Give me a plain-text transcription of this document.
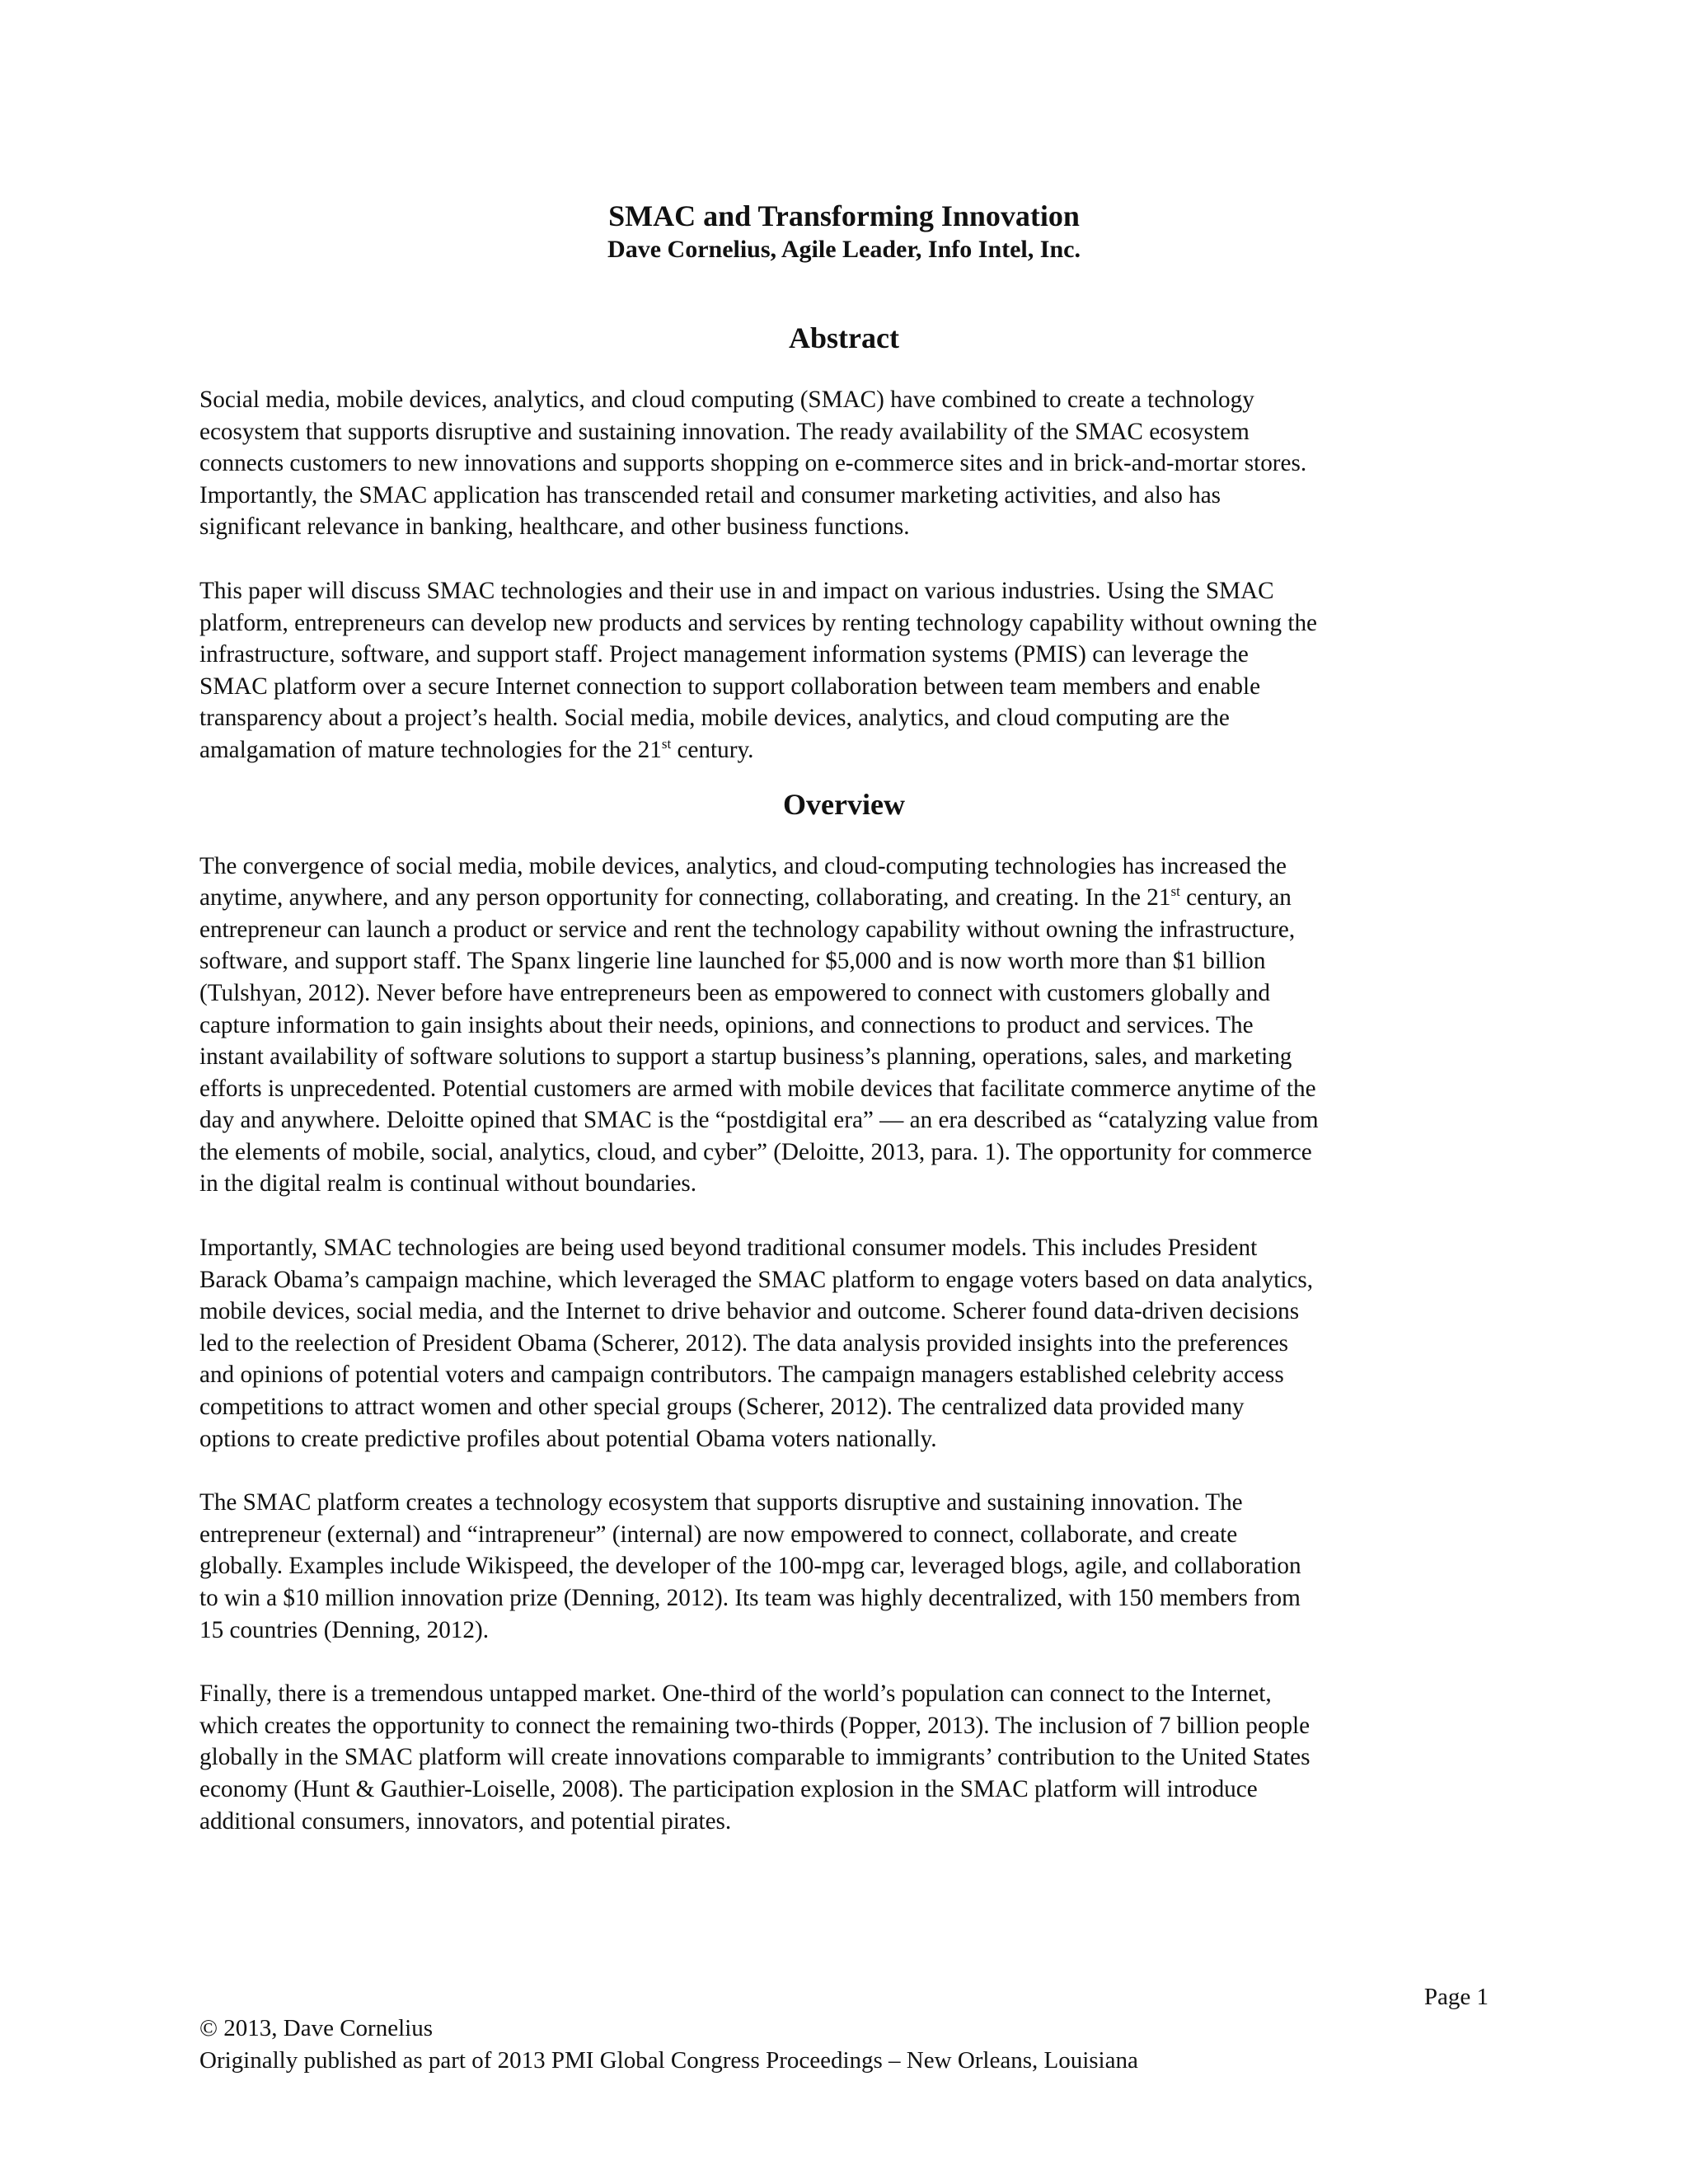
SMAC and Transforming Innovation
Dave Cornelius, Agile Leader, Info Intel, Inc.
Abstract
Social media, mobile devices, analytics, and cloud computing (SMAC) have combined to create a technology
ecosystem that supports disruptive and sustaining innovation. The ready availability of the SMAC ecosystem
connects customers to new innovations and supports shopping on e-commerce sites and in brick-and-mortar stores.
Importantly, the SMAC application has transcended retail and consumer marketing activities, and also has
significant relevance in banking, healthcare, and other business functions.
This paper will discuss SMAC technologies and their use in and impact on various industries. Using the SMAC
platform, entrepreneurs can develop new products and services by renting technology capability without owning the
infrastructure, software, and support staff. Project management information systems (PMIS) can leverage the
SMAC platform over a secure Internet connection to support collaboration between team members and enable
transparency about a project’s health. Social media, mobile devices, analytics, and cloud computing are the
amalgamation of mature technologies for the 21st century.
Overview
The convergence of social media, mobile devices, analytics, and cloud-computing technologies has increased the
anytime, anywhere, and any person opportunity for connecting, collaborating, and creating. In the 21st century, an
entrepreneur can launch a product or service and rent the technology capability without owning the infrastructure,
software, and support staff. The Spanx lingerie line launched for $5,000 and is now worth more than $1 billion
(Tulshyan, 2012). Never before have entrepreneurs been as empowered to connect with customers globally and
capture information to gain insights about their needs, opinions, and connections to product and services. The
instant availability of software solutions to support a startup business’s planning, operations, sales, and marketing
efforts is unprecedented. Potential customers are armed with mobile devices that facilitate commerce anytime of the
day and anywhere. Deloitte opined that SMAC is the “postdigital era” — an era described as “catalyzing value from
the elements of mobile, social, analytics, cloud, and cyber” (Deloitte, 2013, para. 1). The opportunity for commerce
in the digital realm is continual without boundaries.
Importantly, SMAC technologies are being used beyond traditional consumer models. This includes President
Barack Obama’s campaign machine, which leveraged the SMAC platform to engage voters based on data analytics,
mobile devices, social media, and the Internet to drive behavior and outcome. Scherer found data-driven decisions
led to the reelection of President Obama (Scherer, 2012). The data analysis provided insights into the preferences
and opinions of potential voters and campaign contributors. The campaign managers established celebrity access
competitions to attract women and other special groups (Scherer, 2012). The centralized data provided many
options to create predictive profiles about potential Obama voters nationally.
The SMAC platform creates a technology ecosystem that supports disruptive and sustaining innovation. The
entrepreneur (external) and “intrapreneur” (internal) are now empowered to connect, collaborate, and create
globally. Examples include Wikispeed, the developer of the 100-mpg car, leveraged blogs, agile, and collaboration
to win a $10 million innovation prize (Denning, 2012). Its team was highly decentralized, with 150 members from
15 countries (Denning, 2012).
Finally, there is a tremendous untapped market. One-third of the world’s population can connect to the Internet,
which creates the opportunity to connect the remaining two-thirds (Popper, 2013). The inclusion of 7 billion people
globally in the SMAC platform will create innovations comparable to immigrants’ contribution to the United States
economy (Hunt & Gauthier-Loiselle, 2008). The participation explosion in the SMAC platform will introduce
additional consumers, innovators, and potential pirates.
Page 1
© 2013, Dave Cornelius
Originally published as part of 2013 PMI Global Congress Proceedings – New Orleans, Louisiana
